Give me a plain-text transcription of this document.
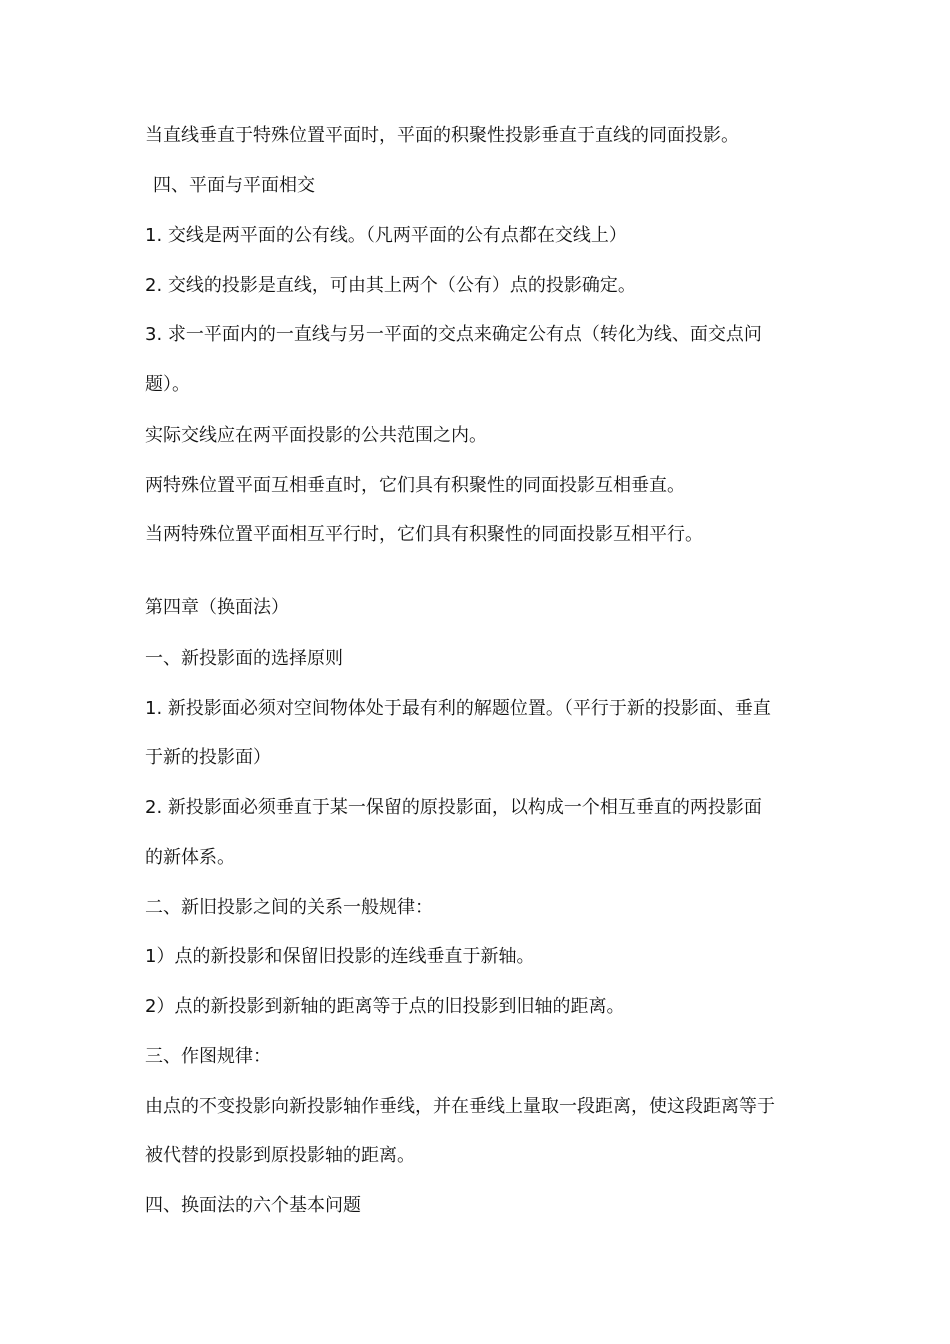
当直线垂直于特殊位置平面时，平面的积聚性投影垂直于直线的同面投影。
四、平面与平面相交
1. 交线是两平面的公有线。（凡两平面的公有点都在交线上）
2. 交线的投影是直线，可由其上两个（公有）点的投影确定。
3. 求一平面内的一直线与另一平面的交点来确定公有点（转化为线、面交点问
题）。
实际交线应在两平面投影的公共范围之内。
两特殊位置平面互相垂直时，它们具有积聚性的同面投影互相垂直。
当两特殊位置平面相互平行时，它们具有积聚性的同面投影互相平行。
第四章（换面法）
一、新投影面的选择原则
1. 新投影面必须对空间物体处于最有利的解题位置。（平行于新的投影面、垂直
于新的投影面）
2. 新投影面必须垂直于某一保留的原投影面，以构成一个相互垂直的两投影面
的新体系。
二、新旧投影之间的关系一般规律：
1）点的新投影和保留旧投影的连线垂直于新轴。
2）点的新投影到新轴的距离等于点的旧投影到旧轴的距离。
三、作图规律：
由点的不变投影向新投影轴作垂线，并在垂线上量取一段距离，使这段距离等于
被代替的投影到原投影轴的距离。
四、换面法的六个基本问题
